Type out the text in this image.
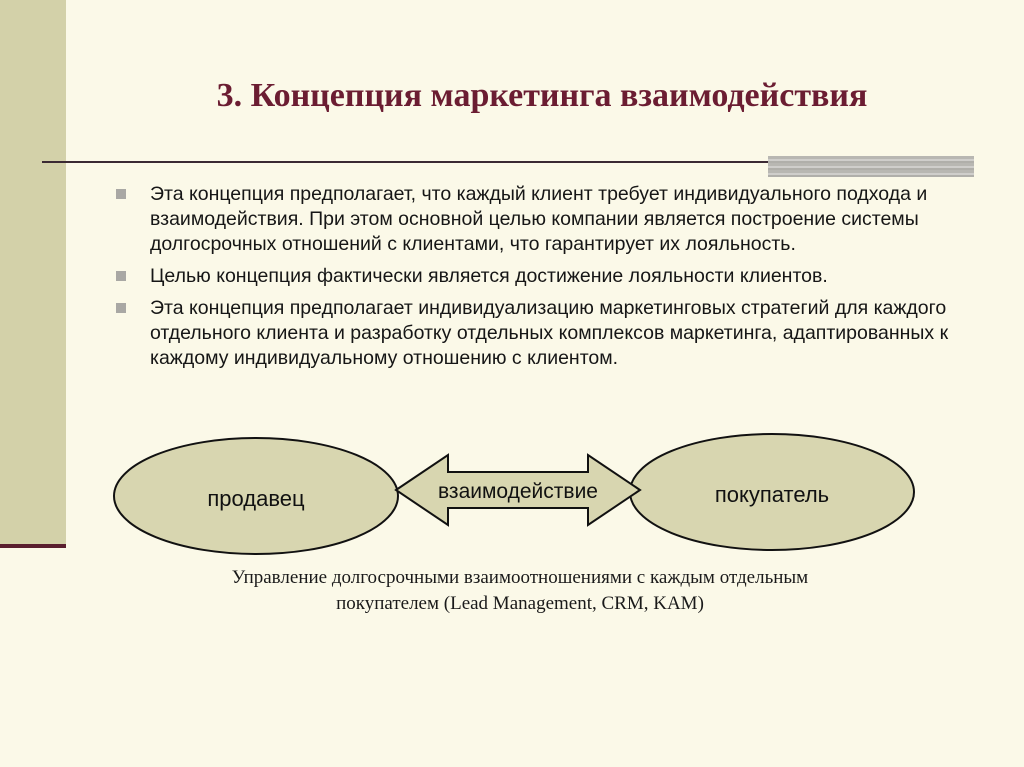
3. Концепция маркетинга взаимодействия
Эта концепция предполагает, что каждый клиент требует индивидуального подхода и взаимодействия. При этом основной целью компании является построение системы долгосрочных отношений с клиентами, что гарантирует их лояльность.
Целью концепция фактически является достижение лояльности клиентов.
Эта концепция предполагает индивидуализацию маркетинговых стратегий для каждого отдельного клиента и разработку отдельных комплексов маркетинга, адаптированных к каждому индивидуальному отношению с клиентом.
продавец	взаимодействие	покупатель

Управление долгосрочными взаимоотношениями с каждым отдельным
покупателем (Lead Management, CRM, KAM)
